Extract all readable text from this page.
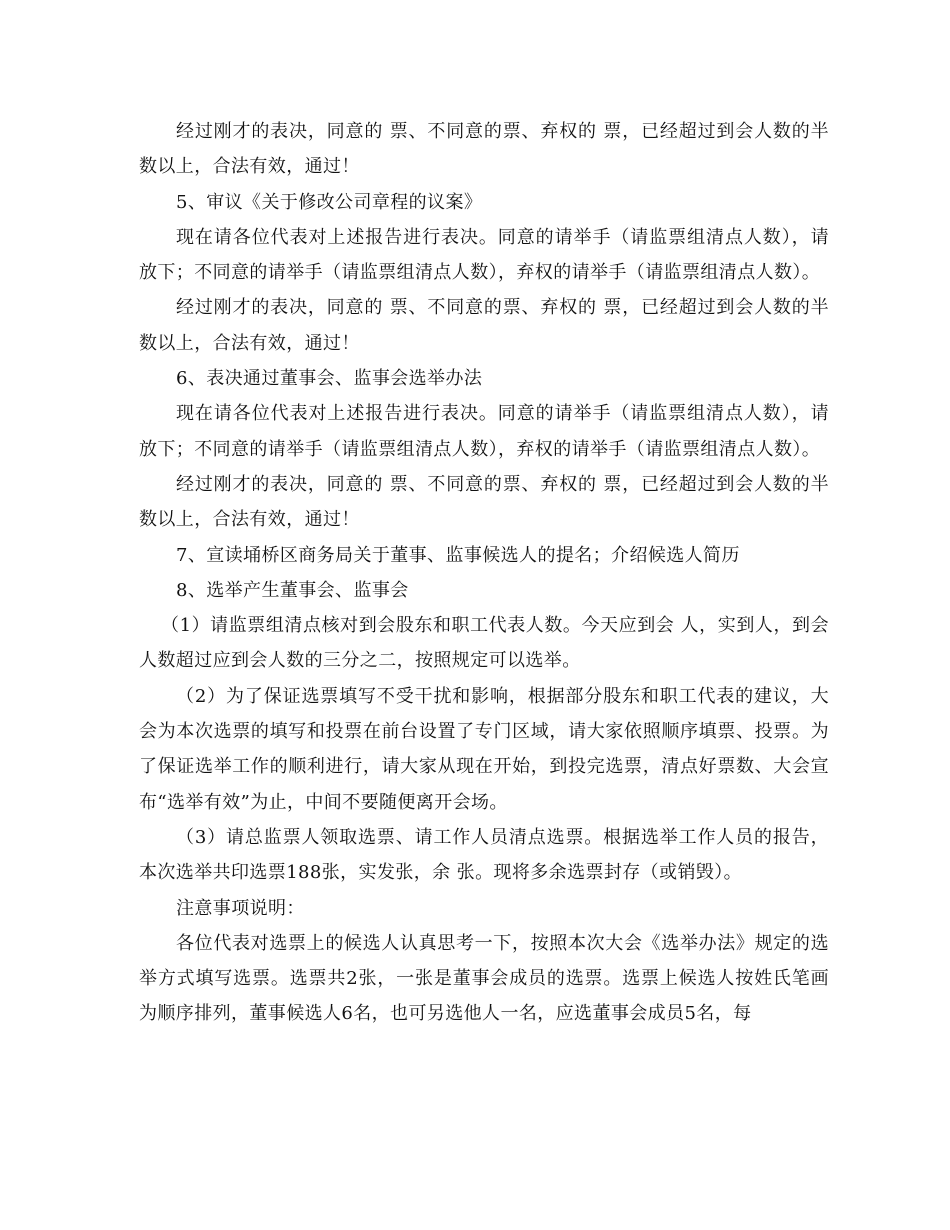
经过刚才的表决，同意的 票、不同意的票、弃权的 票，已经超过到会人数的半数以上，合法有效，通过！

5、审议《关于修改公司章程的议案》

现在请各位代表对上述报告进行表决。同意的请举手（请监票组清点人数），请放下；不同意的请举手（请监票组清点人数），弃权的请举手（请监票组清点人数）。

经过刚才的表决，同意的 票、不同意的票、弃权的 票，已经超过到会人数的半数以上，合法有效，通过！

6、表决通过董事会、监事会选举办法

现在请各位代表对上述报告进行表决。同意的请举手（请监票组清点人数），请放下；不同意的请举手（请监票组清点人数），弃权的请举手（请监票组清点人数）。

经过刚才的表决，同意的 票、不同意的票、弃权的 票，已经超过到会人数的半数以上，合法有效，通过！

7、宣读埇桥区商务局关于董事、监事候选人的提名；介绍候选人简历

8、选举产生董事会、监事会

（1）请监票组清点核对到会股东和职工代表人数。今天应到会 人，实到人，到会人数超过应到会人数的三分之二，按照规定可以选举。

（2）为了保证选票填写不受干扰和影响，根据部分股东和职工代表的建议，大会为本次选票的填写和投票在前台设置了专门区域，请大家依照顺序填票、投票。为了保证选举工作的顺利进行，请大家从现在开始，到投完选票，清点好票数、大会宣布“选举有效”为止，中间不要随便离开会场。

（3）请总监票人领取选票、请工作人员清点选票。根据选举工作人员的报告，本次选举共印选票188张，实发张，余 张。现将多余选票封存（或销毁）。

注意事项说明：

各位代表对选票上的候选人认真思考一下，按照本次大会《选举办法》规定的选举方式填写选票。选票共2张，一张是董事会成员的选票。选票上候选人按姓氏笔画为顺序排列，董事候选人6名，也可另选他人一名，应选董事会成员5名，每
